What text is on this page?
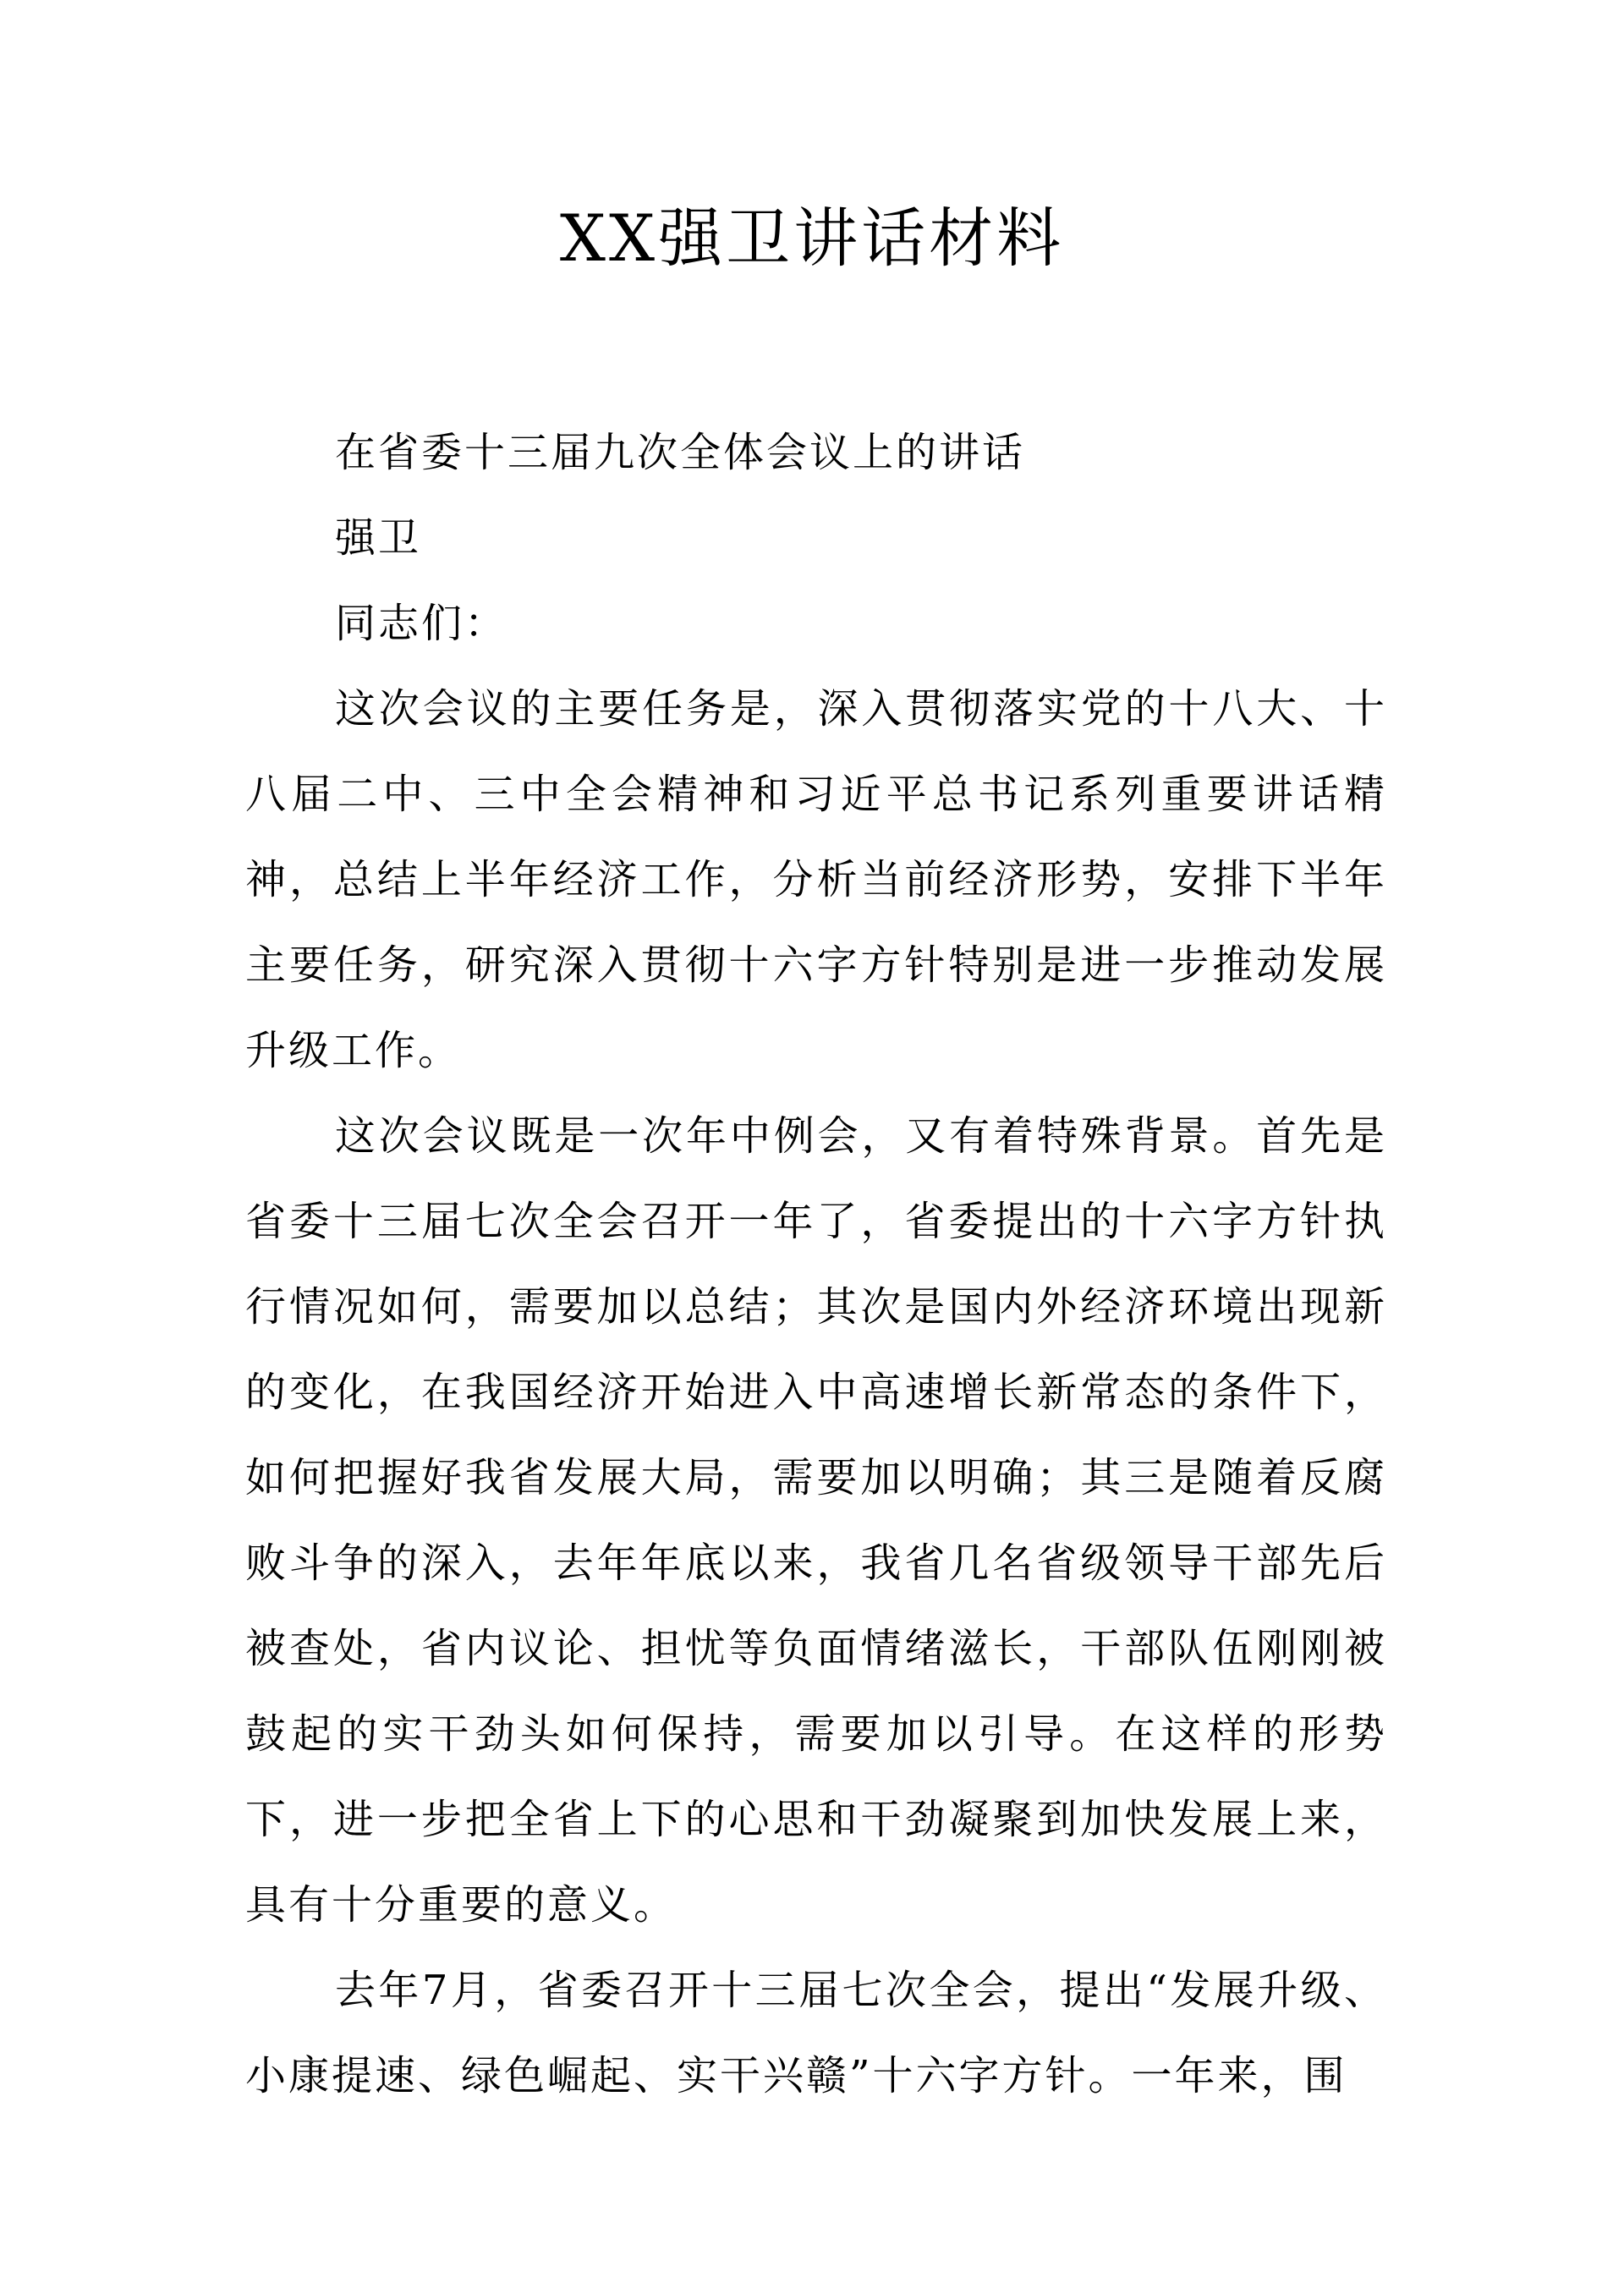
XX强卫讲话材料
在省委十三届九次全体会议上的讲话
强卫
同志们：

这次会议的主要任务是，深入贯彻落实党的十八大、十八届二中、三中全会精神和习近平总书记系列重要讲话精神，总结上半年经济工作，分析当前经济形势，安排下半年主要任务，研究深入贯彻十六字方针特别是进一步推动发展升级工作。

这次会议既是一次年中例会，又有着特殊背景。首先是省委十三届七次全会召开一年了，省委提出的十六字方针执行情况如何，需要加以总结；其次是国内外经济环境出现新的变化，在我国经济开始进入中高速增长新常态的条件下，如何把握好我省发展大局，需要加以明确；其三是随着反腐败斗争的深入，去年年底以来，我省几名省级领导干部先后被查处，省内议论、担忧等负面情绪滋长，干部队伍刚刚被鼓起的实干劲头如何保持，需要加以引导。在这样的形势下，进一步把全省上下的心思和干劲凝聚到加快发展上来，具有十分重要的意义。

去年7月，省委召开十三届七次全会，提出“发展升级、小康提速、绿色崛起、实干兴赣”十六字方针。一年来，围
